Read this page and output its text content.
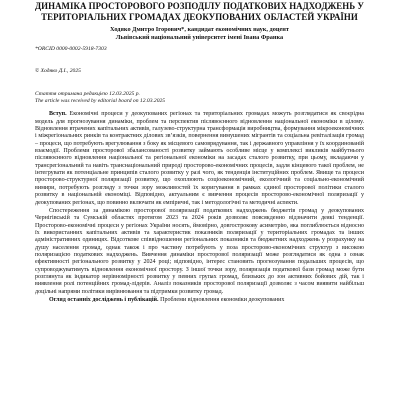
ДИНАМІКА ПРОСТОРОВОГО РОЗПОДІЛУ ПОДАТКОВИХ НАДХОДЖЕНЬ У ТЕРИТОРІАЛЬНИХ ГРОМАДАХ ДЕОКУПОВАНИХ ОБЛАСТЕЙ УКРАЇНИ

Ходяко Дмитро Ігорович*, кандидат економічних наук, доцент

Львівський національний університет імені Івана Франка

*ORCID 0000-0002-5918-7303

© Ходяко Д.І., 2025

Стаття отримана редакцією 12.03.2025 р.
The article was received by editorial board on 12.03.2025

Вступ. Економічні процеси у деокупованих регіонах та територіальних громадах можуть розглядатися як своєрідна модель для прогнозування динаміки, проблем та перспектив післявоєнного відновлення національної економіки в цілому. Відновлення втрачених капітальних активів, галузево-структурна трансформація виробництва, формування мікроекономічних і міжрегіональних ринків та контрактних ділових зв’язків, повернення вимушених мігрантів та соціальна ревіталізація громад – процеси, що потребують врегулювання з боку як місцевого самоврядування, так і державного управління у їх координованій взаємодії. Проблеми просторової збалансованості розвитку займають особливе місце у комплексі викликів майбутнього післявоєнного відновлення національної та регіональної економіки на засадах сталого розвитку, при цьому, вкладаючи у трансрегіональний та навіть транснаціональний природі просторово-економічних процесів, задля кінцевого такої проблем, не інтегрувати як потенціальне принципів сталого розвитку у разі чого, як тенденція інституційних проблем. Явище та процеси просторово-структурної поляризації розвитку, що охоплюють соціоекономічний, екологічний та соціально-економічний вимири, потребують розгляду з точки зору можливостей їх коригування в рамках єдиної просторової політики сталого розвитку в національній економіці. Відповідно, актуальним є вивчення процесів просторово-економічної поляризації у деокупованих регіонах, що повинно включати як емпіричні, так і методологічні та методичні аспекти.

Спостереження за динамікою просторової поляризації податкових надходжень бюджетів громад у деокупованих Чернігівській та Сумській областях протягом 2023 та 2024 років дозволяє повсякденно відзначити деякі тенденції. Просторово-економічні процеси у регіонах України носять, ймовірно, довгострокову асиметрію, яка поглиблюється відносно їх використанних капітальних активів та характеристик показників поляризації у територіальних громадах та інших адміністративних одиницях. Відсоткове співвідношення регіональних показників та бюджетних надходжень у розрахунку на душу населення громад, однак також і про частину потребують у поза просторово-економічних структур з високою поляризацією податкових надходжень. Вивчення динаміки просторової поляризації може розглядатися як одна з ознак ефективності регіонального розвитку у 2024 році; відповідно, інтерес становить прогнозування подальших процесів, що супроводжуватимуть відновлення економічної простору. З іншої точки зору, поляризація податкової бази громад може бути розглянута як індикатор нерівномірності розвитку у певних групах громад, близьких до зон активних бойових дій, так і виявлення ролі потенційних громад-лідерів. Аналіз показників просторової поляризації дозволяє з часом виявити найбільш доцільні напрями політики вирівнювання та підтримки розвитку громад.

Огляд останніх досліджень і публікацій. Проблеми відновлення економіки деокупованих
